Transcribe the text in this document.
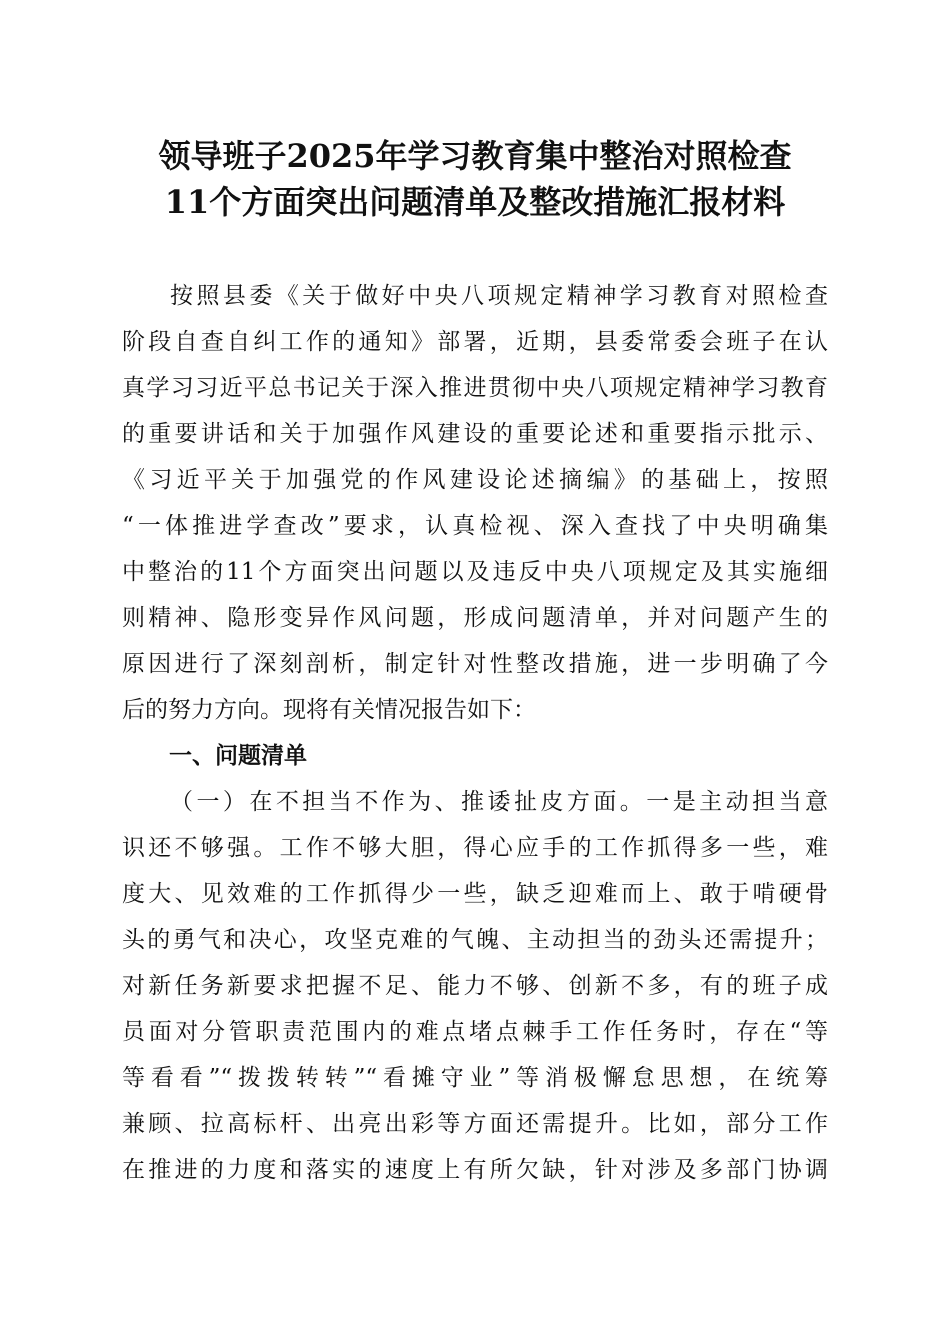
领导班子2025年学习教育集中整治对照检查
11个方面突出问题清单及整改措施汇报材料
按照县委《关于做好中央八项规定精神学习教育对照检查
阶段自查自纠工作的通知》部署，近期，县委常委会班子在认
真学习习近平总书记关于深入推进贯彻中央八项规定精神学习教育
的重要讲话和关于加强作风建设的重要论述和重要指示批示、
《习近平关于加强党的作风建设论述摘编》的基础上，按照
“一体推进学查改”要求，认真检视、深入查找了中央明确集
中整治的11个方面突出问题以及违反中央八项规定及其实施细
则精神、隐形变异作风问题，形成问题清单，并对问题产生的
原因进行了深刻剖析，制定针对性整改措施，进一步明确了今
后的努力方向。现将有关情况报告如下：
一、问题清单
（一）在不担当不作为、推诿扯皮方面。一是主动担当意
识还不够强。工作不够大胆，得心应手的工作抓得多一些，难
度大、见效难的工作抓得少一些，缺乏迎难而上、敢于啃硬骨
头的勇气和决心，攻坚克难的气魄、主动担当的劲头还需提升；
对新任务新要求把握不足、能力不够、创新不多，有的班子成
员面对分管职责范围内的难点堵点棘手工作任务时，存在“等
等看看”“拨拨转转”“看摊守业”等消极懈怠思想，在统筹
兼顾、拉高标杆、出亮出彩等方面还需提升。比如，部分工作
在推进的力度和落实的速度上有所欠缺，针对涉及多部门协调
